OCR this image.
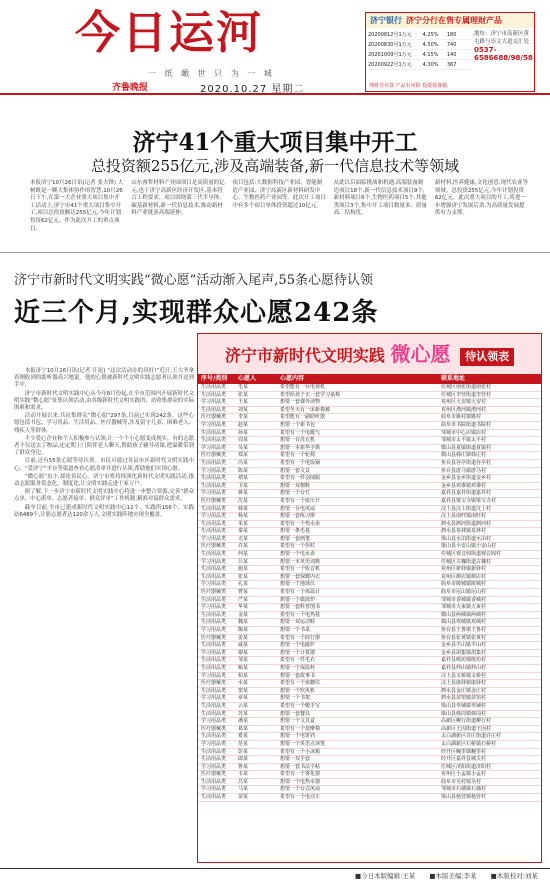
今日运河
一 纸 瞰 世 只 为 一 城
齐鲁晚报	2020.10.27 星期二
济宁银行 济宁分行在售专属理财产品
20200812号 1万元	4.25%	180
20200830号 1万元	4.50%	740
20201009号 1万元	4.15%	140
20200922号 1万元	4.30%	367
地址：济宁市高新区黄屯路与崇文大道交汇处
0537-6586688/98/58
理财非存款 产品有风险 投资须谨慎
济宁41个重大项目集中开工
总投资额255亿元,涉及高端装备,新一代信息技术等领域
本报济宁10月26日讯(记者 张夫锋) 大树既是一颗大集体协作的智慧,10月26日下午,在第一大企业重大项目集中开工活动上,济宁市41个重大项目集中开工,项目总投资额达255亿元,今年计划投资62亿元。作为此次开工的重点项目,
山东睿哲材料产业园项目是高质量的亿元,也于济宁高新区经济开发区,基本符合工程要求。项目围绕第三代半导体,碳基新材料,新一代信息技术,推动新材料产业链条高端延伸。
项目包括:大数据科技产业园、智能制造产业园、济宁高新区新材料研发中心、生物医药产业园等。此次开工项目中有多个项目单体投资超过10亿元。
从此以后面临挑战和机遇,高端装备制造项目18个,新一代信息技术项目9个,新材料项目6个,生物医药项目5个,其他类项目3个,集中开工项目数量多、质量高、结构优。
新材料,医养健康,文化创意,现代农业等领域。总投资255亿元,今年计划投资62亿元。此次重大项目的开工,将进一步增强济宁发展后劲,为高质量发展提供有力支撑。
济宁市新时代文明实践“微心愿”活动渐入尾声,55条心愿待认领
近三个月,实现群众心愿242条

本报济宁10月26日讯(记者 汪泥) “这次活动办的真好!”近日,王大爷拿着刚收到的助听器高兴地说。他的心愿被新时代文明实践志愿者认领并送到手中。

济宁市新时代文明实践中心从今年8月份起,在全市范围内开展新时代文明实践“微心愿”征集认领活动,由各级新时代文明实践所、站收集群众的实际困难和需求。

活动开展以来,共征集群众“微心愿”297条,目前已实现242条。这些心愿包括书包、学习用品、生活用品、医疗器械等,涉及留守儿童、困难老人、残疾人等群体。

不少爱心企业和个人积极参与认领,让一个个小心愿变成现实。有的志愿者不仅送去了物品,还定期上门陪伴老人聊天,帮助孩子辅导功课,把温暖带到了群众身边。

目前,还有55条心愿等待认领。市民可通过各县市区新时代文明实践中心、“爱济宁”平台等渠道查看心愿清单并进行认领,帮助他们实现心愿。

“微心愿”虽小,却连着民心。济宁市将持续深化新时代文明实践活动,推动志愿服务常态化、制度化,让文明实践走进千家万户。

据了解,下一步济宁市新时代文明实践中心将进一步整合资源,完善“群众点单、中心派单、志愿者接单、群众评单”工作机制,精准对接群众需求。

截至目前,全市已建成新时代文明实践中心12个、实践所156个、实践站6489个,注册志愿者达120余万人,文明实践阵地实现全覆盖。

济宁市新时代文明实践 微心愿 待认领表
序号/类别	心愿人	心愿内容	联系地址
生活用品类	毛某	希望能有一台电视机	任城区南张街道南张村
生活用品类	张某	希望给孩子买一套学习桌椅	任城区李营街道李营村
学习用品类	王某	想要一套课外读物	兖州区大安镇大安村
生活用品类	刘某	希望冬天有一床新棉被	兖州区漕河镇漕河村
医疗器械类	李某	希望能有一副助听器	曲阜市姚村镇姚村
学习用品类	赵某	想要一个新书包	曲阜市书院街道书院村
生活用品类	孙某	希望有一个电暖气	邹城市中心店镇店村
生活用品类	周某	想要一台洗衣机	邹城市太平镇太平村
学习用品类	吴某	想要一本新华字典	微山县夏镇街道夏镇村
医疗器械类	郑某	希望有一个轮椅	微山县韩庄镇韩庄村
生活用品类	冯某	希望有一个电饭锅	鱼台县谷亭街道谷亭村
学习用品类	陈某	想要一套文具	鱼台县唐马镇唐马村
生活用品类	褚某	希望有一件羽绒服	金乡县金乡街道金乡村
生活用品类	卫某	想要一双棉鞋	金乡县鸡黍镇鸡黍村
学习用品类	蒋某	想要一个台灯	嘉祥县嘉祥街道嘉祥村
医疗器械类	沈某	希望有一个血压计	嘉祥县梁宝寺镇梁宝寺村
生活用品类	韩某	想要一台电风扇	汶上县汶上街道汶上村
学习用品类	杨某	想要一套练习册	汶上县南旺镇南旺村
生活用品类	朱某	希望有一个热水壶	泗水县泗河街道泗河村
生活用品类	秦某	想要一条毛毯	泗水县泉林镇泉林村
学习用品类	尤某	想要一套画笔	梁山县水泊街道水泊村
医疗器械类	许某	希望有一个拐杖	梁山县小安山镇小安山村
生活用品类	何某	想要一个电水壶	任城区观音阁街道观音阁村
学习用品类	吕某	想要一本英语词典	任城区古槐街道古槐村
生活用品类	施某	希望有一个收音机	兖州区新驿镇新驿村
生活用品类	张某	想要一套保暖内衣	兖州区颜店镇颜店村
学习用品类	孔某	想要一个地球仪	曲阜市陵城镇陵城村
医疗器械类	曹某	希望有一个体温计	曲阜市尼山镇尼山村
生活用品类	严某	想要一个微波炉	邹城市香城镇香城村
学习用品类	华某	想要一套科普图书	邹城市大束镇大束村
生活用品类	金某	希望有一个电热毯	微山县两城镇两城村
生活用品类	魏某	想要一双运动鞋	微山县欢城镇欢城村
学习用品类	陶某	想要一个书桌	鱼台县王鲁镇王鲁村
医疗器械类	姜某	希望有一个助行器	鱼台县张黄镇张黄村
生活用品类	戚某	想要一个电磁炉	金乡县羊山镇羊山村
学习用品类	谢某	想要一个计算器	金乡县胡集镇胡集村
生活用品类	邹某	希望有一件毛衣	嘉祥县纸坊镇纸坊村
生活用品类	喻某	想要一个保温杯	嘉祥县仲山镇仲山村
学习用品类	柏某	想要一套故事书	汶上县义桥镇义桥村
医疗器械类	水某	希望有一个血糖仪	汶上县康驿镇康驿村
生活用品类	窦某	想要一个吹风机	泗水县金庄镇金庄村
学习用品类	章某	想要一个书架	泗水县苗馆镇苗馆村
生活用品类	云某	希望有一个暖手宝	梁山县拳铺镇拳铺村
生活用品类	苏某	想要一套餐具	梁山县韩岗镇韩岗村
学习用品类	潘某	想要一个文具盒	高新区柳行街道柳行村
医疗器械类	葛某	希望有一个按摩椅	高新区王因街道王因村
生活用品类	奚某	想要一个电饼铛	太白湖新区许庄街道许庄村
学习用品类	范某	想要一个英语点读笔	太白湖新区石桥镇石桥村
生活用品类	彭某	希望有一个小冰箱	经开区疃里镇疃里村
生活用品类	郎某	想要一双手套	经开区嘉祥县城关村
学习用品类	鲁某	想要一套书法字帖	任城区济阳街道济阳村
医疗器械类	韦某	希望有一个雾化器	兖州区小孟镇小孟村
生活用品类	昌某	想要一个电热水器	曲阜市吴村镇吴村
学习用品类	马某	想要一个台式风扇	邹城市石墙镇石墙村
生活用品类	苗某	希望有一个电动车	梁山县杨营镇杨营村
■今日本版编辑:王某 ■本版美编:李某 ■本版校对:刘某
